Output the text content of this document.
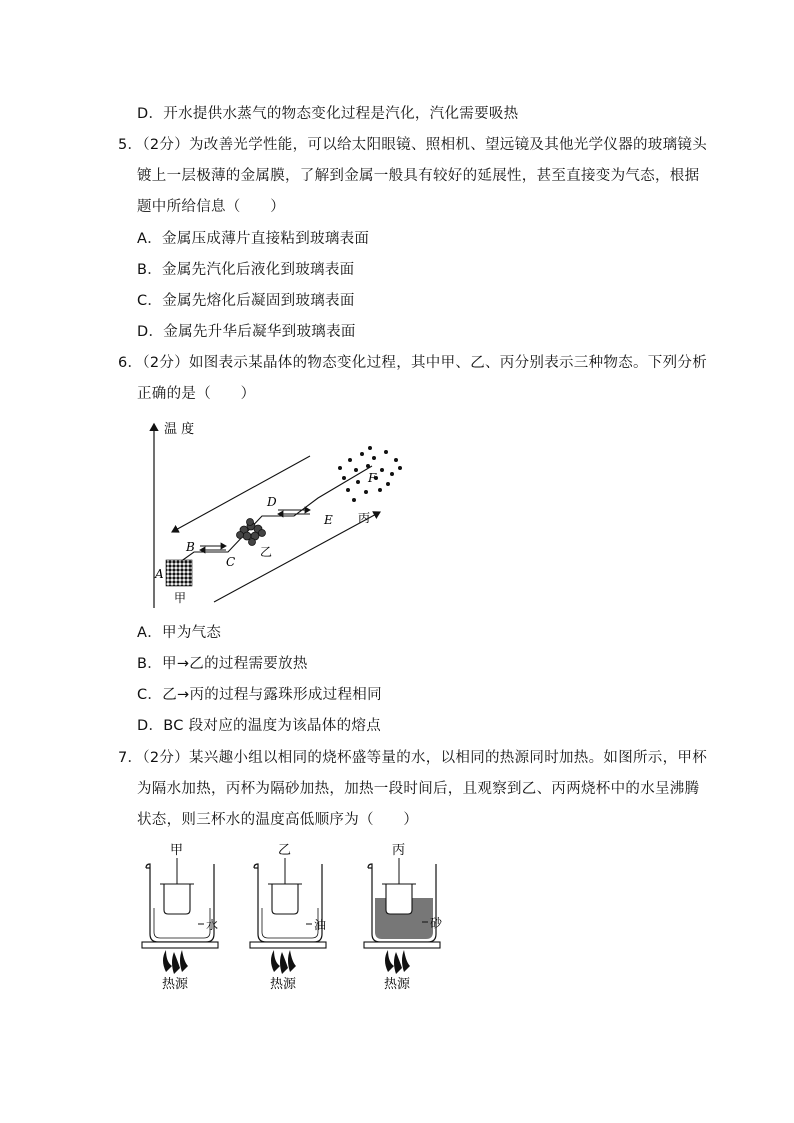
D．开水提供水蒸气的物态变化过程是汽化，汽化需要吸热
5．（2分）为改善光学性能，可以给太阳眼镜、照相机、望远镜及其他光学仪器的玻璃镜头
镀上一层极薄的金属膜，了解到金属一般具有较好的延展性，甚至直接变为气态，根据
题中所给信息（　　）
A．金属压成薄片直接粘到玻璃表面
B．金属先汽化后液化到玻璃表面
C．金属先熔化后凝固到玻璃表面
D．金属先升华后凝华到玻璃表面
6．（2分）如图表示某晶体的物态变化过程，其中甲、乙、丙分别表示三种物态。下列分析
正确的是（　　）
温 度
A
B
C
D
E
F
甲
乙
丙
A．甲为气态
B．甲→乙的过程需要放热
C．乙→丙的过程与露珠形成过程相同
D．BC 段对应的温度为该晶体的熔点
7．（2分）某兴趣小组以相同的烧杯盛等量的水，以相同的热源同时加热。如图所示，甲杯
为隔水加热，丙杯为隔砂加热，加热一段时间后，且观察到乙、丙两烧杯中的水呈沸腾
状态，则三杯水的温度高低顺序为（　　）
甲
水
热源
乙
油
热源
丙
砂
热源
